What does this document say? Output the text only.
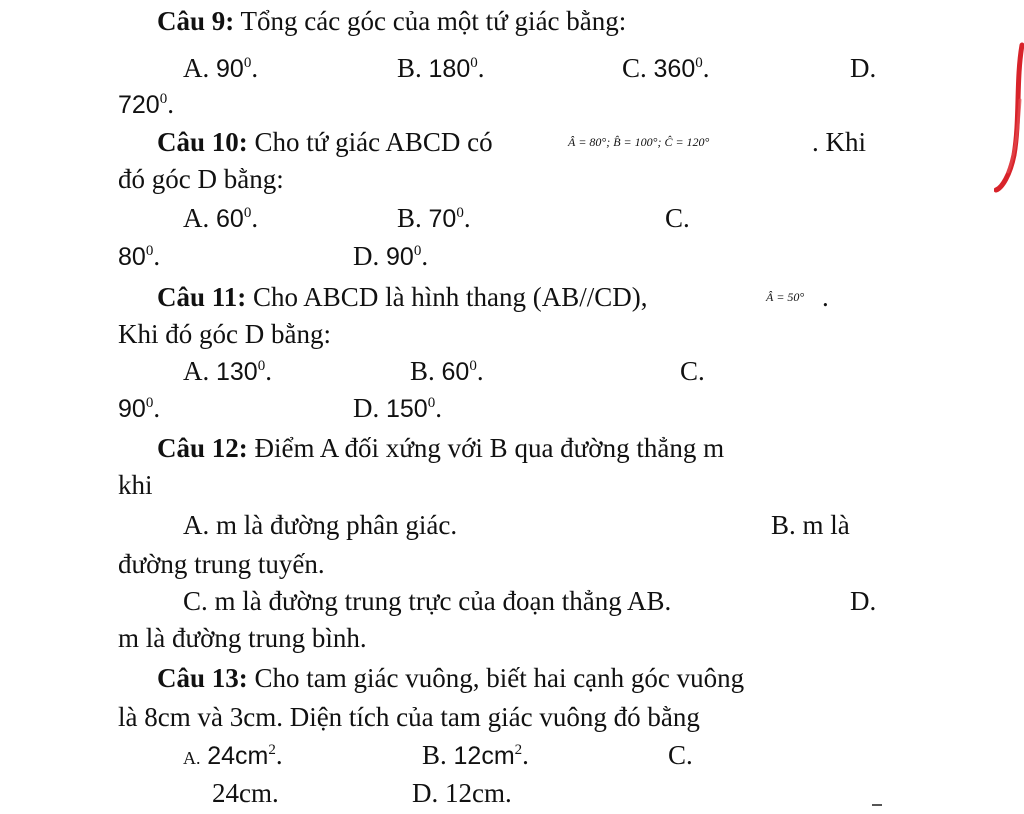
Câu 9: Tổng các góc của một tứ giác bằng:
A. $90^0$.	B. $180^0$.	C. $360^0$.	D.
$720^0$.
Câu 10: Cho tứ giác ABCD có	Â = 80°; B̂ = 100°; Ĉ = 120°	. Khi
đó góc D bằng:
A. $60^0$.	B. $70^0$.	C.
$80^0$.	D. $90^0$.
Câu 11: Cho ABCD là hình thang (AB//CD),	Â = 50° .
Khi đó góc D bằng:
A. $130^0$.	B. $60^0$.	C.
$90^0$.	D. $150^0$.
Câu 12: Điểm A đối xứng với B qua đường thẳng m
khi
A. m là đường phân giác.	B. m là
đường trung tuyến.
C. m là đường trung trực của đoạn thẳng AB.	D.
m là đường trung bình.
Câu 13: Cho tam giác vuông, biết hai cạnh góc vuông
là 8cm và 3cm. Diện tích của tam giác vuông đó bằng
A. $24cm^2$.	B. $12cm^2$.	C.
24cm.	D. 12cm.
